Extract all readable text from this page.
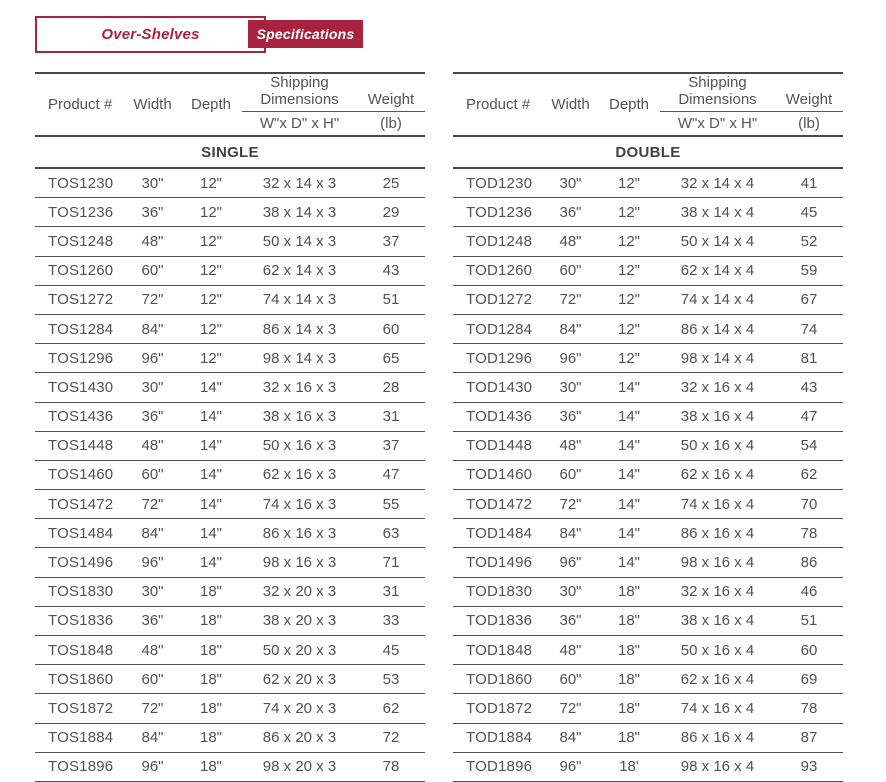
Over-Shelves	Specifications
Product #	Width	Depth	Shipping
Dimensions	Weight
			W"x D" x H"	(lb)
SINGLE				
TOS1230	30"	12"	32 x 14 x 3	25
TOS1236	36"	12"	38 x 14 x 3	29
TOS1248	48"	12"	50 x 14 x 3	37
TOS1260	60"	12"	62 x 14 x 3	43
TOS1272	72"	12"	74 x 14 x 3	51
TOS1284	84"	12"	86 x 14 x 3	60
TOS1296	96"	12"	98 x 14 x 3	65
TOS1430	30"	14"	32 x 16 x 3	28
TOS1436	36"	14"	38 x 16 x 3	31
TOS1448	48"	14"	50 x 16 x 3	37
TOS1460	60"	14"	62 x 16 x 3	47
TOS1472	72"	14"	74 x 16 x 3	55
TOS1484	84"	14"	86 x 16 x 3	63
TOS1496	96"	14"	98 x 16 x 3	71
TOS1830	30"	18"	32 x 20 x 3	31
TOS1836	36"	18"	38 x 20 x 3	33
TOS1848	48"	18"	50 x 20 x 3	45
TOS1860	60"	18"	62 x 20 x 3	53
TOS1872	72"	18"	74 x 20 x 3	62
TOS1884	84"	18"	86 x 20 x 3	72
TOS1896	96"	18"	98 x 20 x 3	78
Product #	Width	Depth	Shipping
Dimensions	Weight
			W"x D" x H"	(lb)
DOUBLE				
TOD1230	30"	12"	32 x 14 x 4	41
TOD1236	36"	12"	38 x 14 x 4	45
TOD1248	48"	12"	50 x 14 x 4	52
TOD1260	60"	12"	62 x 14 x 4	59
TOD1272	72"	12"	74 x 14 x 4	67
TOD1284	84"	12"	86 x 14 x 4	74
TOD1296	96"	12"	98 x 14 x 4	81
TOD1430	30"	14"	32 x 16 x 4	43
TOD1436	36"	14"	38 x 16 x 4	47
TOD1448	48"	14"	50 x 16 x 4	54
TOD1460	60"	14"	62 x 16 x 4	62
TOD1472	72"	14"	74 x 16 x 4	70
TOD1484	84"	14"	86 x 16 x 4	78
TOD1496	96"	14"	98 x 16 x 4	86
TOD1830	30"	18"	32 x 16 x 4	46
TOD1836	36"	18"	38 x 16 x 4	51
TOD1848	48"	18"	50 x 16 x 4	60
TOD1860	60"	18"	62 x 16 x 4	69
TOD1872	72"	18"	74 x 16 x 4	78
TOD1884	84"	18"	86 x 16 x 4	87
TOD1896	96"	18'	98 x 16 x 4	93
